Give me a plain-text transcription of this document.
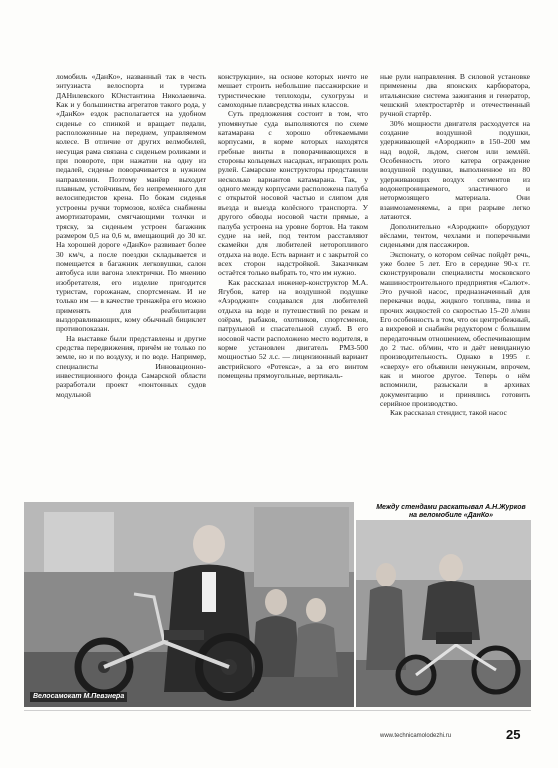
ломобиль «ДанКо», названный так в честь энтузиаста велоспорта и туризма ДАНилевского КОнстантина Николаевича. Как и у большинства агрегатов такого рода, у «ДанКо» ездок располагается на удобном сиденье со спинкой и вращает педали, расположенные на переднем, управляемом колесе. В отличие от других велмобилей, несущая рама связана с сиденьем роликами и при повороте, при нажатии на одну из педалей, сиденье поворачивается в нужном направлении. Поэтому манёвр выходит плавным, устойчивым, без непременного для велосипедистов крена. По бокам сиденья устроены ручки тормозов, колёса снабжены амортизаторами, смягчающими толчки и тряску, за сиденьем устроен багажник размером 0,5 на 0,6 м, вмещающий до 30 кг. На хорошей дороге «ДанКо» развивает более 30 км/ч, а после поездки складывается и помещается в багажник легковушки, салон автобуса или вагона электрички. По мнению изобретателя, его изделие пригодится туристам, горожанам, спортсменам. И не только им — в качестве тренажёра его можно применять для реабилитации выздоравливающих, кому обычный бициклет противопоказан.

На выставке были представлены и другие средства передвижения, причём не только по земле, но и по воздуху, и по воде. Например, специалисты Инновационно-инвестиционного фонда Самарской области разработали проект «понтонных судов модульной

конструкции», на основе которых ничто не мешает строить небольшие пассажирские и туристические теплоходы, сухогрузы и самоходные плавсредства иных классов.

Суть предложения состоит в том, что упомянутые суда выполняются по схеме катамарана с хорошо обтекаемыми корпусами, в корме которых находятся гребные винты в поворачивающихся в стороны кольцевых насадках, играющих роль рулей. Самарские конструкторы представили несколько вариантов катамарана. Так, у одного между корпусами расположена палуба с открытой носовой частью и слипом для въезда и выезда колёсного транспорта. У другого обводы носовой части прямые, а палуба устроена на уровне бортов. На таком судне на ней, под тентом расставляют скамейки для любителей неторопливого отдыха на воде. Есть вариант и с закрытой со всех сторон надстройкой. Заказчикам остаётся только выбрать то, что им нужно.

Как рассказал инженер-конструктор М.А. Ягубов, катер на воздушной подушке «Аэроджип» создавался для любителей отдыха на воде и путешествий по рекам и озёрам, рыбаков, охотников, спортсменов, патрульной и спасательной служб. В его носовой части расположено место водителя, в корме установлен двигатель РМЗ-500 мощностью 52 л.с. — лицензионный вариант австрийского «Ротекса», а за его винтом помещены прямоугольные, вертикаль-

ные рули направления. В силовой установке применены два японских карбюратора, итальянские система зажигания и генератор, чешский электростартёр и отечественный ручной стартёр.

30% мощности двигателя расходуется на создание воздушной подушки, удерживающей «Аэроджип» в 150–200 мм над водой, льдом, снегом или землёй. Особенность этого катера ограждение воздушной подушки, выполненное из 80 удерживающих воздух сегментов из водонепроницаемого, эластичного и нетормозящего материала. Они взаимозаменяемы, а при разрыве легко латаются.

Дополнительно «Аэроджип» оборудуют вёслами, тентом, чехлами и поперечными сиденьями для пассажиров.

Экспонату, о котором сейчас пойдёт речь, уже более 5 лет. Его в середине 90-х гг. сконструировали специалисты московского машиностроительного предприятия «Салют». Это ручной насос, предназначенный для перекачки воды, жидкого топлива, пива и прочих жидкостей со скоростью 15–20 л/мин Его особенность в том, что он центробежный, а вихревой и снабжён редуктором с большим передаточным отношением, обеспечивающим до 2 тыс. об/мин, что и даёт невиданную производительность. Однако в 1995 г. «сверху» его объявили ненужным, впрочем, как и многое другое. Теперь о нём вспомнили, разыскали в архивах документацию и принялись готовить серийное производство.

Как рассказал стендист, такой насос

Между стендами раскатывал А.Н.Журков на веломобиле «ДанКо»
Велосамокат М.Певзнера
www.technicamolodezhi.ru	25
